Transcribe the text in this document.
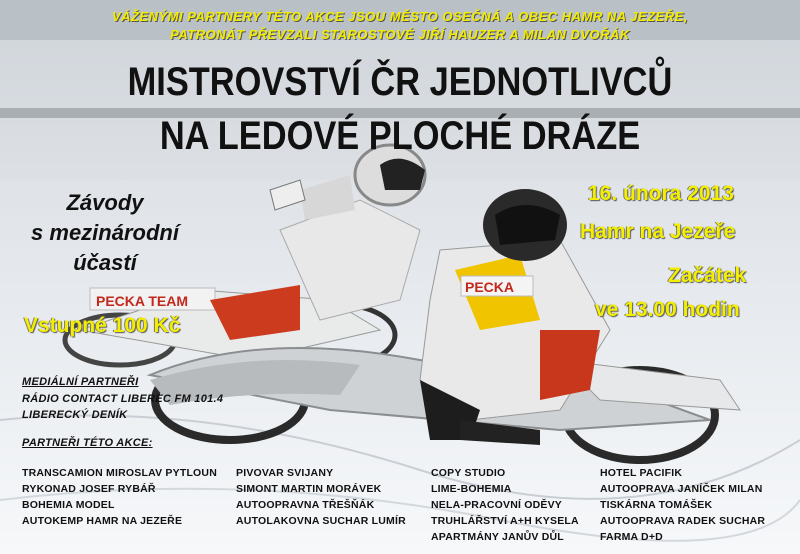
PECKA TEAM
PECKA
VÁŽENÝMI PARTNERY TÉTO AKCE JSOU MĚSTO OSEČNÁ A OBEC HAMR NA JEZEŘE,
PATRONÁT PŘEVZALI STAROSTOVÉ JIŘÍ HAUZER A MILAN DVOŘÁK
MISTROVSTVÍ ČR JEDNOTLIVCŮ
NA LEDOVÉ PLOCHÉ DRÁZE
Závody
s mezinárodní
účastí
Vstupné 100 Kč
16. února 2013
Hamr na Jezeře
Začátek
ve 13.00 hodin
MEDIÁLNÍ PARTNEŘI
RÁDIO CONTACT LIBEREC FM 101.4
LIBERECKÝ DENÍK
PARTNEŘI TÉTO AKCE:
TRANSCAMION MIROSLAV PYTLOUN
RYKONAD JOSEF RYBÁŘ
BOHEMIA MODEL
AUTOKEMP HAMR NA JEZEŘE
PIVOVAR SVIJANY
SIMONT MARTIN MORÁVEK
AUTOOPRAVNA TŘEŠŇÁK
AUTOLAKOVNA SUCHAR LUMÍR
COPY STUDIO
LIME-BOHEMIA
NELA-PRACOVNÍ ODĚVY
TRUHLÁŘSTVÍ A+H KYSELA
APARTMÁNY JANŮV DŮL
HOTEL PACIFIK
AUTOOPRAVA JANÍČEK MILAN
TISKÁRNA TOMÁŠEK
AUTOOPRAVA RADEK SUCHAR
FARMA D+D
